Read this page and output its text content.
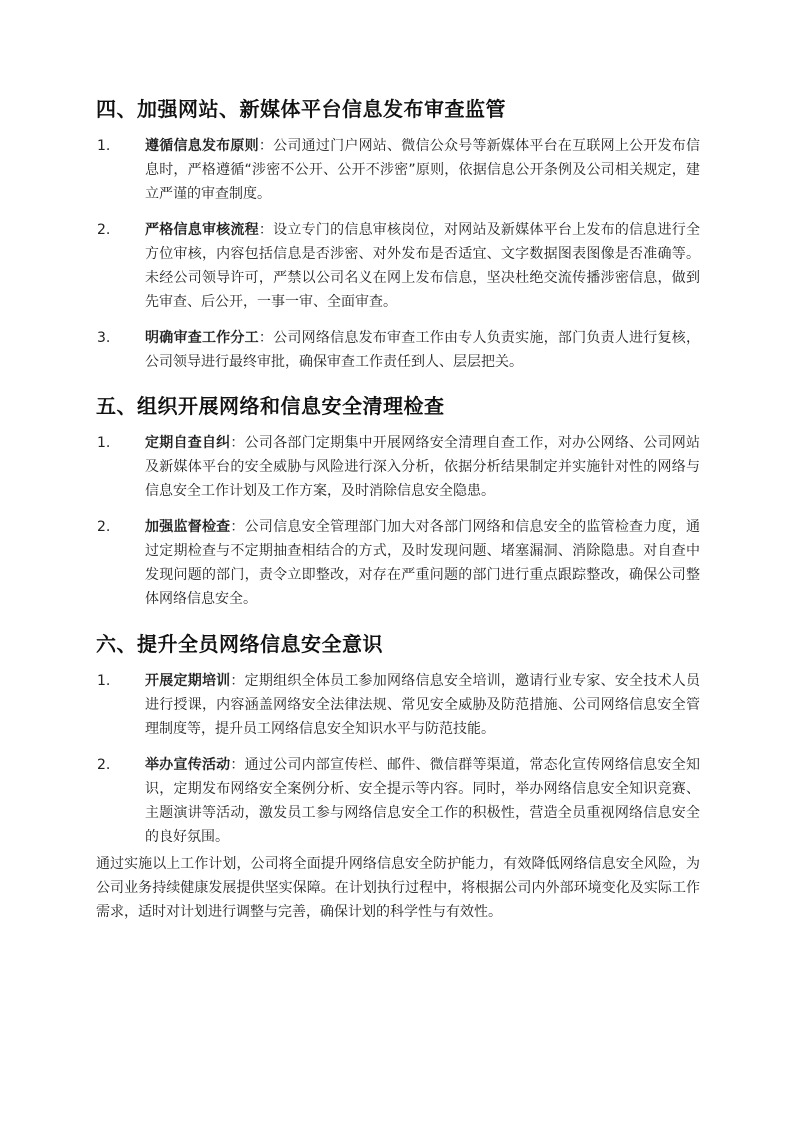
四、加强网站、新媒体平台信息发布审查监管
1.	遵循信息发布原则：公司通过门户网站、微信公众号等新媒体平台在互联网上公开发布信息时，严格遵循“涉密不公开、公开不涉密”原则，依据信息公开条例及公司相关规定，建立严谨的审查制度。
2.	严格信息审核流程：设立专门的信息审核岗位，对网站及新媒体平台上发布的信息进行全方位审核，内容包括信息是否涉密、对外发布是否适宜、文字数据图表图像是否准确等。未经公司领导许可，严禁以公司名义在网上发布信息，坚决杜绝交流传播涉密信息，做到先审查、后公开，一事一审、全面审查。
3.	明确审查工作分工：公司网络信息发布审查工作由专人负责实施，部门负责人进行复核，公司领导进行最终审批，确保审查工作责任到人、层层把关。
五、组织开展网络和信息安全清理检查
1.	定期自查自纠：公司各部门定期集中开展网络安全清理自查工作，对办公网络、公司网站及新媒体平台的安全威胁与风险进行深入分析，依据分析结果制定并实施针对性的网络与信息安全工作计划及工作方案，及时消除信息安全隐患。
2.	加强监督检查：公司信息安全管理部门加大对各部门网络和信息安全的监管检查力度，通过定期检查与不定期抽查相结合的方式，及时发现问题、堵塞漏洞、消除隐患。对自查中发现问题的部门，责令立即整改，对存在严重问题的部门进行重点跟踪整改，确保公司整体网络信息安全。
六、提升全员网络信息安全意识
1.	开展定期培训：定期组织全体员工参加网络信息安全培训，邀请行业专家、安全技术人员进行授课，内容涵盖网络安全法律法规、常见安全威胁及防范措施、公司网络信息安全管理制度等，提升员工网络信息安全知识水平与防范技能。
2.	举办宣传活动：通过公司内部宣传栏、邮件、微信群等渠道，常态化宣传网络信息安全知识，定期发布网络安全案例分析、安全提示等内容。同时，举办网络信息安全知识竞赛、主题演讲等活动，激发员工参与网络信息安全工作的积极性，营造全员重视网络信息安全的良好氛围。

通过实施以上工作计划，公司将全面提升网络信息安全防护能力，有效降低网络信息安全风险，为公司业务持续健康发展提供坚实保障。在计划执行过程中，将根据公司内外部环境变化及实际工作需求，适时对计划进行调整与完善，确保计划的科学性与有效性。
